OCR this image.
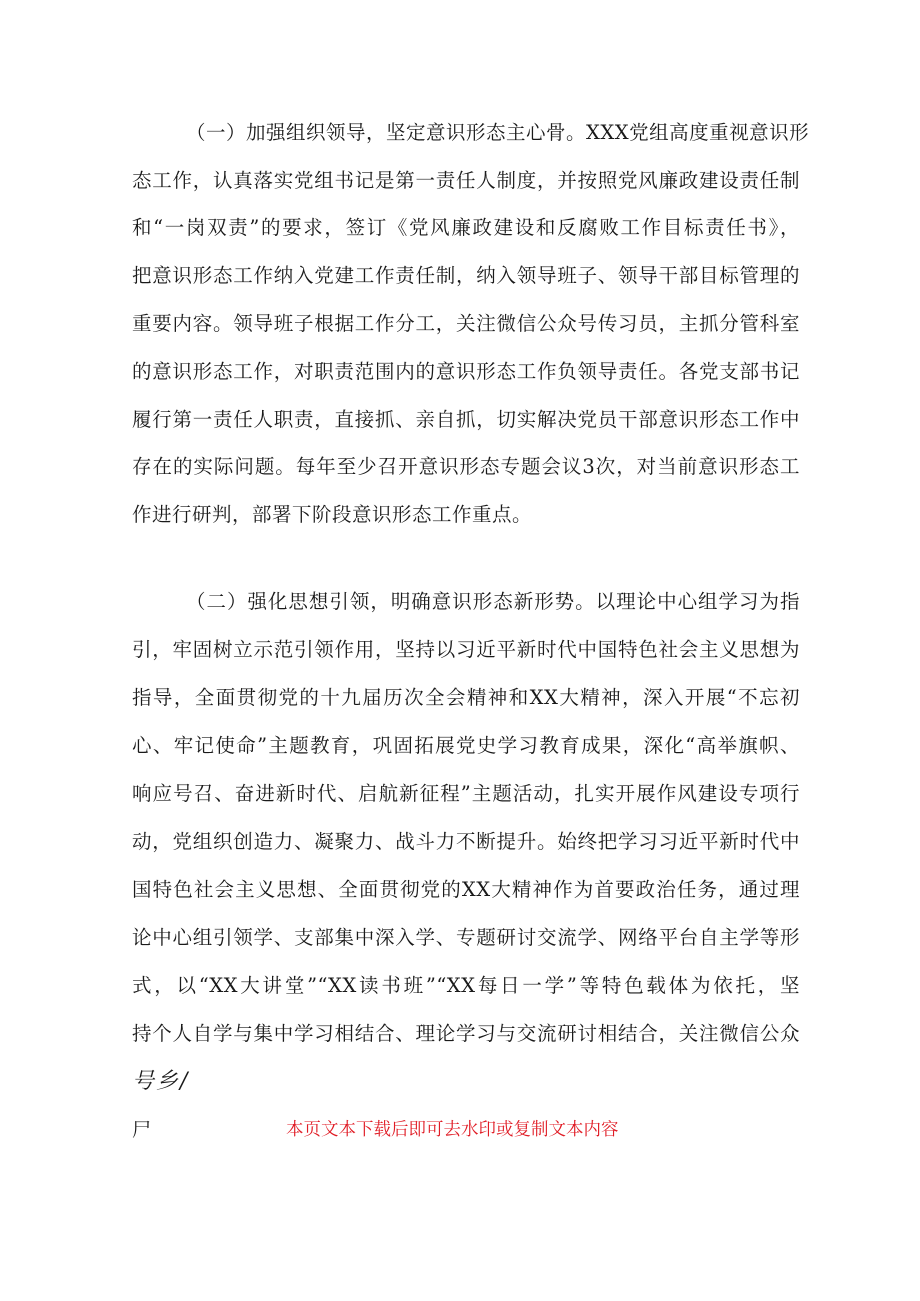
（一）加强组织领导，坚定意识形态主心骨。XXX党组高度重视意识形
态工作，认真落实党组书记是第一责任人制度，并按照党风廉政建设责任制
和“一岗双责”的要求，签订《党风廉政建设和反腐败工作目标责任书》，
把意识形态工作纳入党建工作责任制，纳入领导班子、领导干部目标管理的
重要内容。领导班子根据工作分工，关注微信公众号传习员，主抓分管科室
的意识形态工作，对职责范围内的意识形态工作负领导责任。各党支部书记
履行第一责任人职责，直接抓、亲自抓，切实解决党员干部意识形态工作中
存在的实际问题。每年至少召开意识形态专题会议3次，对当前意识形态工
作进行研判，部署下阶段意识形态工作重点。
（二）强化思想引领，明确意识形态新形势。以理论中心组学习为指
引，牢固树立示范引领作用，坚持以习近平新时代中国特色社会主义思想为
指导，全面贯彻党的十九届历次全会精神和XX大精神，深入开展“不忘初
心、牢记使命”主题教育，巩固拓展党史学习教育成果，深化“高举旗帜、
响应号召、奋进新时代、启航新征程”主题活动，扎实开展作风建设专项行
动，党组织创造力、凝聚力、战斗力不断提升。始终把学习习近平新时代中
国特色社会主义思想、全面贯彻党的XX大精神作为首要政治任务，通过理
论中心组引领学、支部集中深入学、专题研讨交流学、网络平台自主学等形
式，以“XX大讲堂”“XX读书班”“XX每日一学”等特色载体为依托，坚
持个人自学与集中学习相结合、理论学习与交流研讨相结合，关注微信公众
号乡/
尸	本页文本下载后即可去水印或复制文本内容
